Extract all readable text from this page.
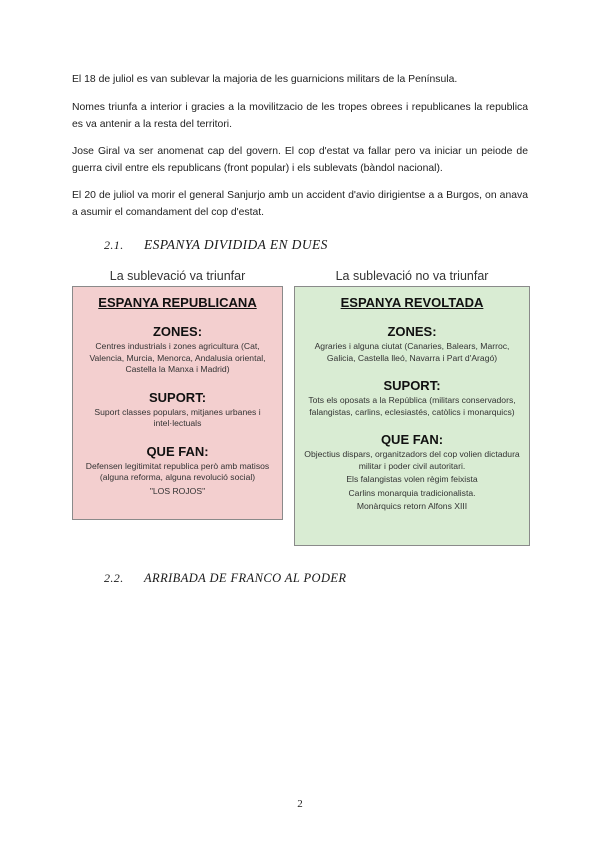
El 18 de juliol es van sublevar la majoria de les guarnicions militars de la Península.

Nomes triunfa a interior i gracies a la movilitzacio de les tropes obrees i republicanes la republica es va antenir a la resta del territori.

Jose Giral va ser anomenat cap del govern. El cop d'estat va fallar pero va iniciar un peiode de guerra civil entre els republicans (front popular) i els sublevats (bàndol nacional).

El 20 de juliol va morir el general Sanjurjo amb un accident d'avio dirigientse a a Burgos, on anava a asumir el comandament del cop d'estat.

2.1. ESPANYA DIVIDIDA EN DUES
La sublevació va triunfar	La sublevació no va triunfar
ESPANYA REPUBLICANA
ZONES:
Centres industrials i zones agricultura (Cat, Valencia, Murcia, Menorca, Andalusia oriental, Castella la Manxa i Madrid)
SUPORT:
Suport classes populars, mitjanes urbanes i intel·lectuals
QUE FAN:
Defensen legitimitat republica però amb matisos (alguna reforma, alguna revolució social)
"LOS ROJOS"
ESPANYA REVOLTADA
ZONES:
Agraries i alguna ciutat (Canaries, Balears, Marroc, Galicia, Castella lleó, Navarra i Part d'Aragó)
SUPORT:
Tots els oposats a la República (militars conservadors, falangistas, carlins, eclesiastés, catòlics i monarquics)
QUE FAN:
Objectius dispars, organitzadors del cop volien dictadura militar i poder civil autoritari.
Els falangistas volen règim feixista
Carlins monarquia tradicionalista.
Monàrquics retorn Alfons XIII
2.2. ARRIBADA DE FRANCO AL PODER
2
